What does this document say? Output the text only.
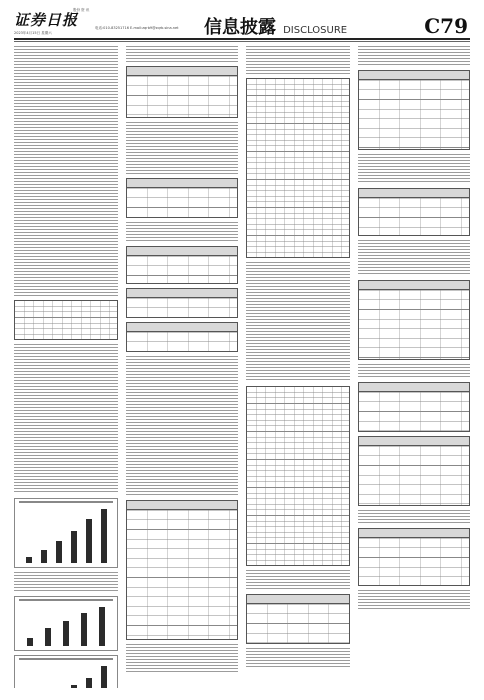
证券日报
股份 资 讯
2023年4月15日 星期六
电话:010-83251716 E-mail:zqrb9@zqrb.sina.net 信息披露 DISCLOSURE	C79
